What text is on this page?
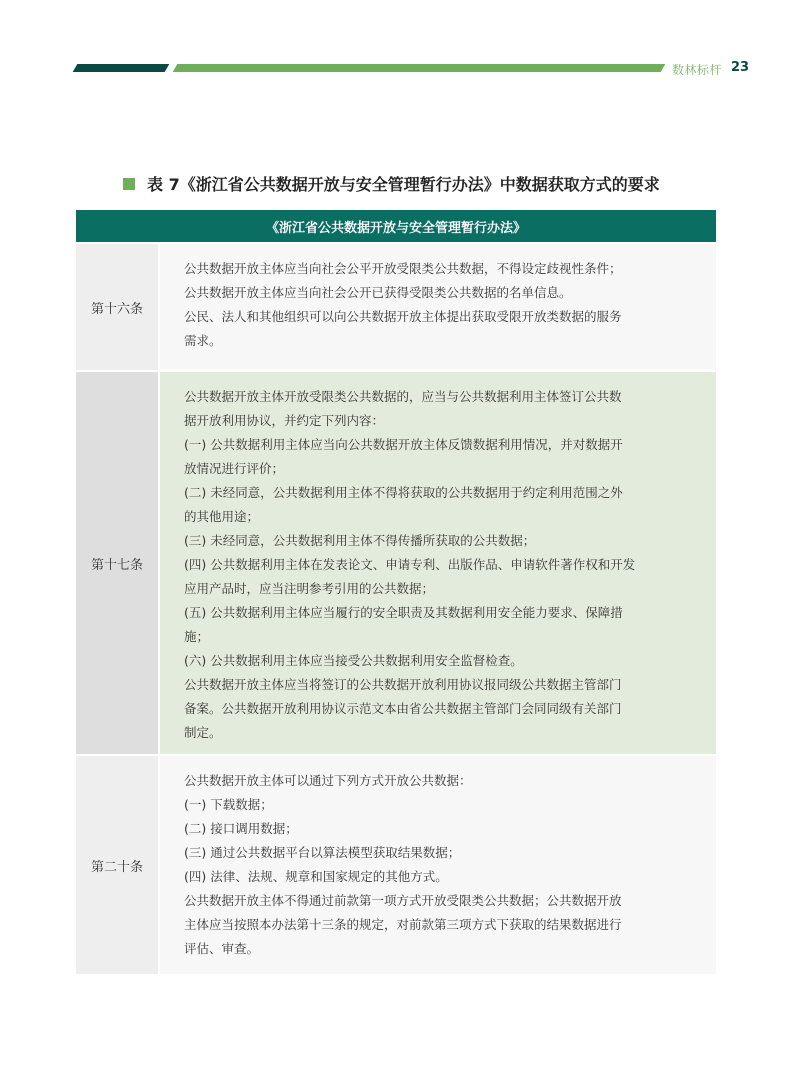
数林标杆 23
表 7《浙江省公共数据开放与安全管理暂行办法》中数据获取方式的要求
《浙江省公共数据开放与安全管理暂行办法》
第十六条
公共数据开放主体应当向社会公平开放受限类公共数据，不得设定歧视性条件；
公共数据开放主体应当向社会公开已获得受限类公共数据的名单信息。
公民、法人和其他组织可以向公共数据开放主体提出获取受限开放类数据的服务
需求。
第十七条
公共数据开放主体开放受限类公共数据的，应当与公共数据利用主体签订公共数
据开放利用协议，并约定下列内容：
(一) 公共数据利用主体应当向公共数据开放主体反馈数据利用情况，并对数据开
放情况进行评价；
(二) 未经同意，公共数据利用主体不得将获取的公共数据用于约定利用范围之外
的其他用途；
(三) 未经同意，公共数据利用主体不得传播所获取的公共数据；
(四) 公共数据利用主体在发表论文、申请专利、出版作品、申请软件著作权和开发
应用产品时，应当注明参考引用的公共数据；
(五) 公共数据利用主体应当履行的安全职责及其数据利用安全能力要求、保障措
施；
(六) 公共数据利用主体应当接受公共数据利用安全监督检查。
公共数据开放主体应当将签订的公共数据开放利用协议报同级公共数据主管部门
备案。公共数据开放利用协议示范文本由省公共数据主管部门会同同级有关部门
制定。
第二十条
公共数据开放主体可以通过下列方式开放公共数据：
(一) 下载数据；
(二) 接口调用数据；
(三) 通过公共数据平台以算法模型获取结果数据；
(四) 法律、法规、规章和国家规定的其他方式。
公共数据开放主体不得通过前款第一项方式开放受限类公共数据；公共数据开放
主体应当按照本办法第十三条的规定，对前款第三项方式下获取的结果数据进行
评估、审查。
